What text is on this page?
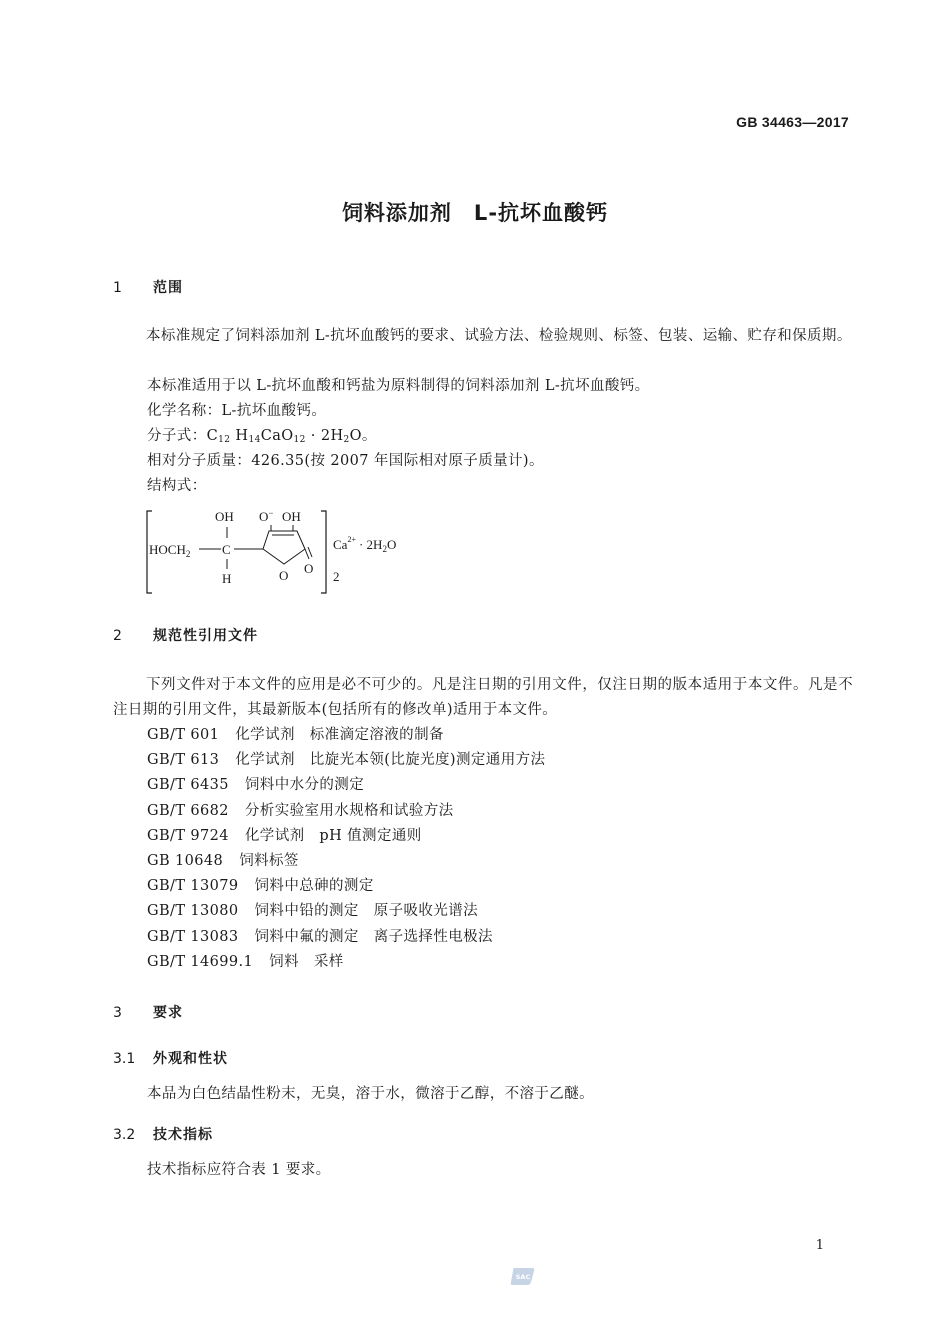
GB 34463—2017
饲料添加剂　L-抗坏血酸钙
1 范围
本标准规定了饲料添加剂 L-抗坏血酸钙的要求、试验方法、检验规则、标签、包装、运输、贮存和保质期。
本标准适用于以 L-抗坏血酸和钙盐为原料制得的饲料添加剂 L-抗坏血酸钙。
化学名称：L-抗坏血酸钙。
分子式：$C_{12}$ $H_{14}CaO_{12} \cdot 2H_2O$。
相对分子质量：426.35(按 2007 年国际相对原子质量计)。
结构式：
$HOCH_2$ C
OH
H
O− OH
O O
$Ca^{2+} \cdot 2H_2O$
2
2 规范性引用文件
下列文件对于本文件的应用是必不可少的。凡是注日期的引用文件，仅注日期的版本适用于本文件。凡是不注日期的引用文件，其最新版本(包括所有的修改单)适用于本文件。
GB/T 601 化学试剂　标准滴定溶液的制备
GB/T 613 化学试剂　比旋光本领(比旋光度)测定通用方法
GB/T 6435 饲料中水分的测定
GB/T 6682 分析实验室用水规格和试验方法
GB/T 9724 化学试剂　pH 值测定通则
GB 10648 饲料标签
GB/T 13079 饲料中总砷的测定
GB/T 13080 饲料中铅的测定　原子吸收光谱法
GB/T 13083 饲料中氟的测定　离子选择性电极法
GB/T 14699.1 饲料　采样
3 要求
3.1 外观和性状
本品为白色结晶性粉末，无臭，溶于水，微溶于乙醇，不溶于乙醚。
3.2 技术指标
技术指标应符合表 1 要求。
1
SAC
